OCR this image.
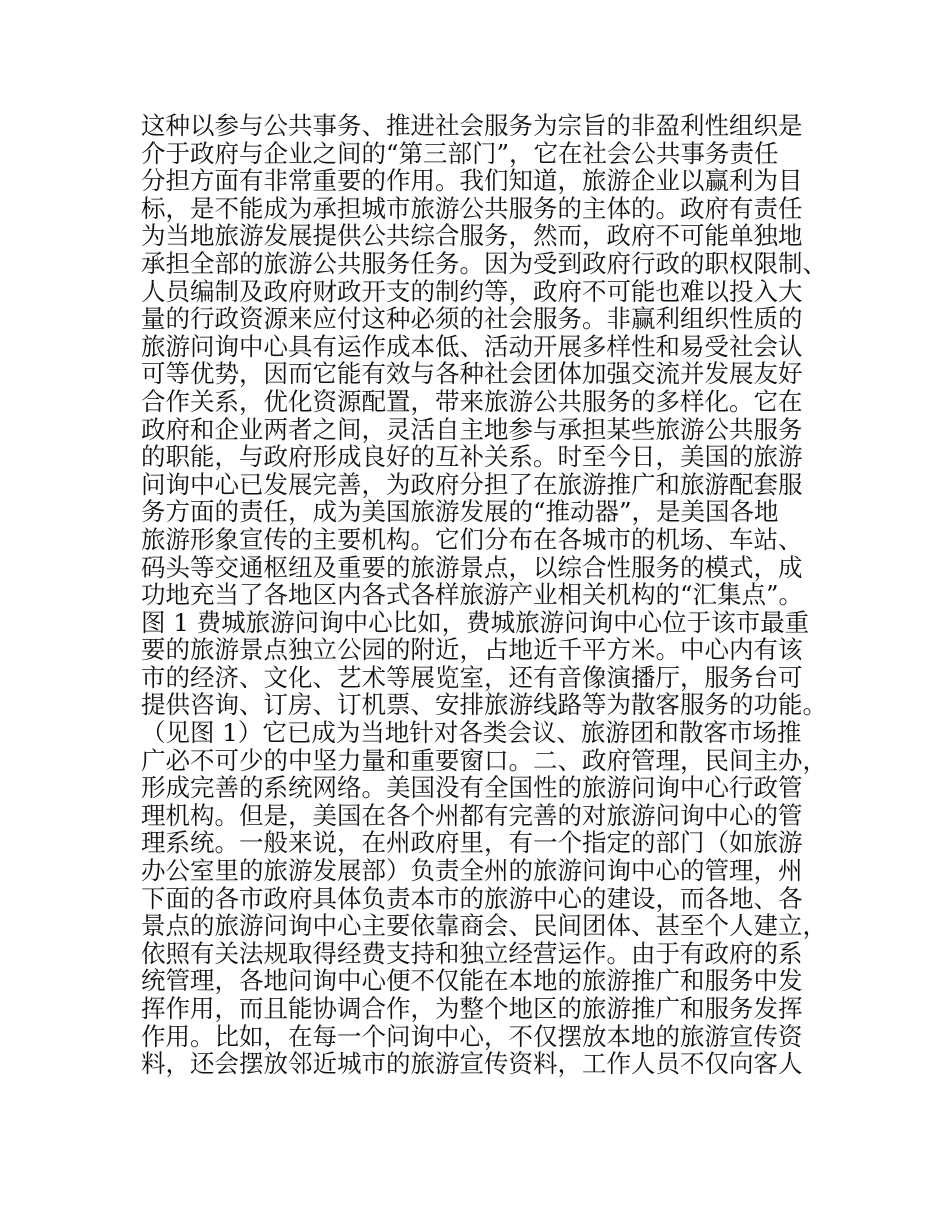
这种以参与公共事务、推进社会服务为宗旨的非盈利性组织是
介于政府与企业之间的“第三部门”，它在社会公共事务责任
分担方面有非常重要的作用。我们知道，旅游企业以赢利为目
标，是不能成为承担城市旅游公共服务的主体的。政府有责任
为当地旅游发展提供公共综合服务，然而，政府不可能单独地
承担全部的旅游公共服务任务。因为受到政府行政的职权限制、
人员编制及政府财政开支的制约等，政府不可能也难以投入大
量的行政资源来应付这种必须的社会服务。非赢利组织性质的
旅游问询中心具有运作成本低、活动开展多样性和易受社会认
可等优势，因而它能有效与各种社会团体加强交流并发展友好
合作关系，优化资源配置，带来旅游公共服务的多样化。它在
政府和企业两者之间，灵活自主地参与承担某些旅游公共服务
的职能，与政府形成良好的互补关系。时至今日，美国的旅游
问询中心已发展完善，为政府分担了在旅游推广和旅游配套服
务方面的责任，成为美国旅游发展的“推动器”，是美国各地
旅游形象宣传的主要机构。它们分布在各城市的机场、车站、
码头等交通枢纽及重要的旅游景点，以综合性服务的模式，成
功地充当了各地区内各式各样旅游产业相关机构的“汇集点”。
图 1 费城旅游问询中心比如，费城旅游问询中心位于该市最重
要的旅游景点独立公园的附近，占地近千平方米。中心内有该
市的经济、文化、艺术等展览室，还有音像演播厅，服务台可
提供咨询、订房、订机票、安排旅游线路等为散客服务的功能。
（见图 1）它已成为当地针对各类会议、旅游团和散客市场推
广必不可少的中坚力量和重要窗口。二、政府管理，民间主办，
形成完善的系统网络。美国没有全国性的旅游问询中心行政管
理机构。但是，美国在各个州都有完善的对旅游问询中心的管
理系统。一般来说，在州政府里，有一个指定的部门（如旅游
办公室里的旅游发展部）负责全州的旅游问询中心的管理，州
下面的各市政府具体负责本市的旅游中心的建设，而各地、各
景点的旅游问询中心主要依靠商会、民间团体、甚至个人建立，
依照有关法规取得经费支持和独立经营运作。由于有政府的系
统管理，各地问询中心便不仅能在本地的旅游推广和服务中发
挥作用，而且能协调合作，为整个地区的旅游推广和服务发挥
作用。比如，在每一个问询中心，不仅摆放本地的旅游宣传资
料，还会摆放邻近城市的旅游宣传资料，工作人员不仅向客人
